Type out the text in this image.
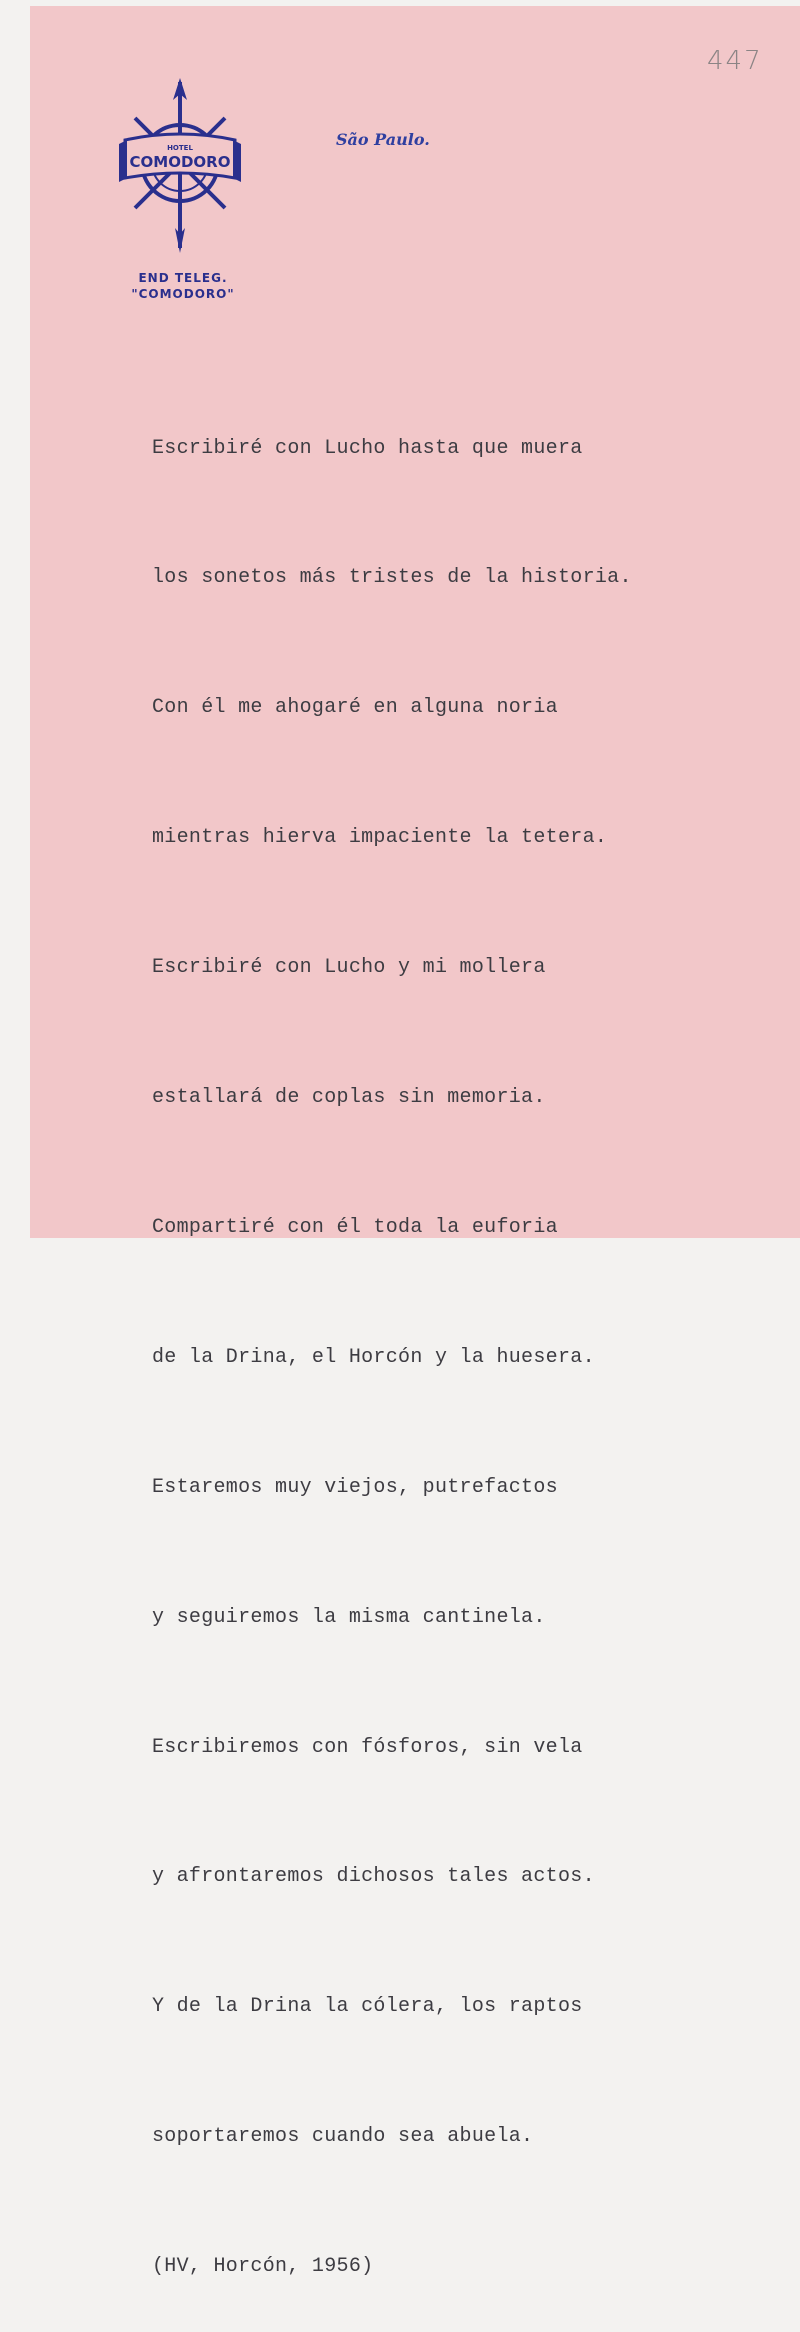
447
HOTEL
COMODORO
END TELEG.
"COMODORO"
São Paulo.

Escribiré con Lucho hasta que muera

los sonetos más tristes de la historia.

Con él me ahogaré en alguna noria

mientras hierva impaciente la tetera.

Escribiré con Lucho y mi mollera

estallará de coplas sin memoria.

Compartiré con él toda la euforia

de la Drina, el Horcón y la huesera.

Estaremos muy viejos, putrefactos

y seguiremos la misma cantinela.

Escribiremos con fósforos, sin vela

y afrontaremos dichosos tales actos.

Y de la Drina la cólera, los raptos

soportaremos cuando sea abuela.

(HV, Horcón, 1956)
